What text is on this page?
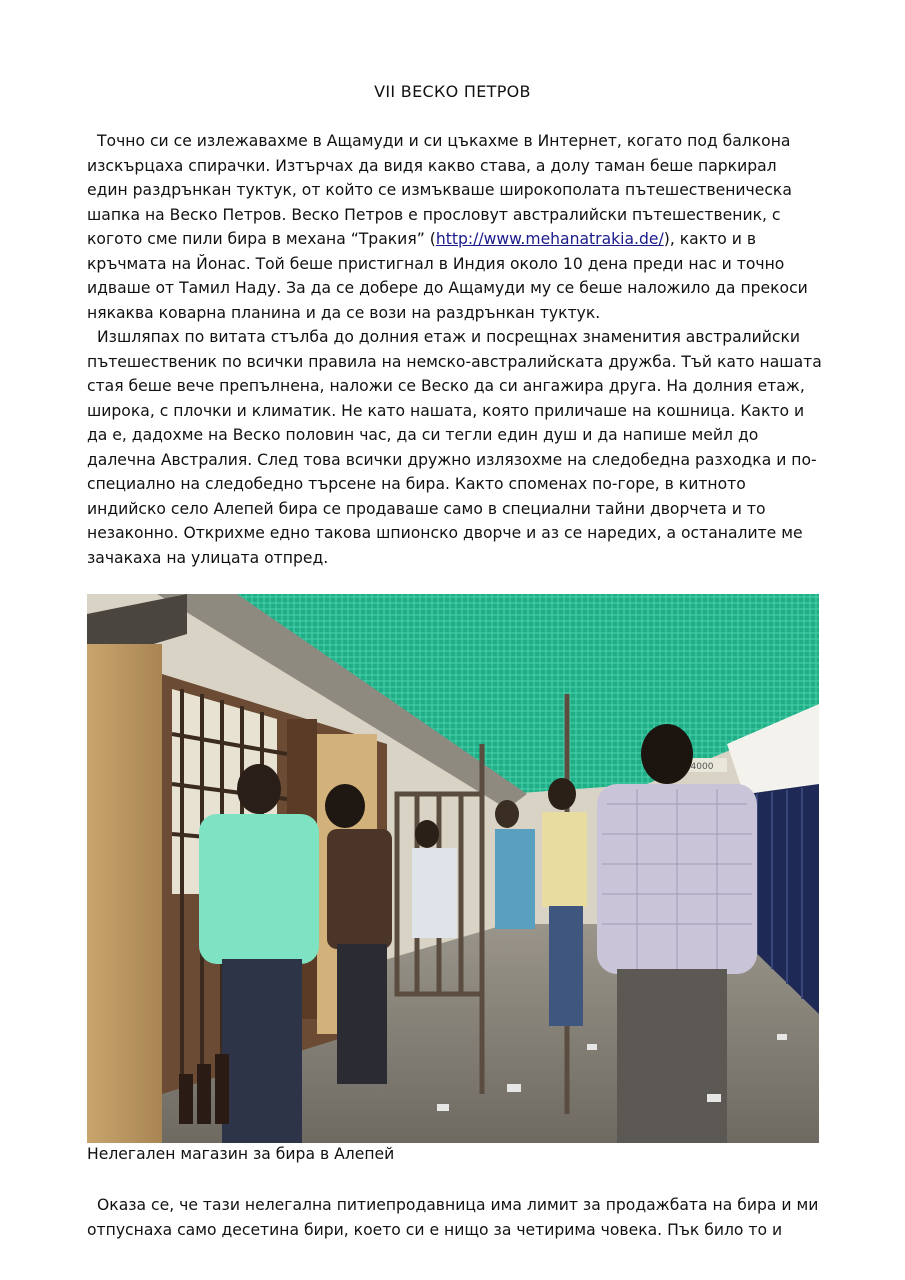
VII ВЕСКО ПЕТРОВ

Точно си се излежавахме в Ащамуди и си цъкахме в Интернет, когато под балкона изскърцаха спирачки. Изтърчах да видя какво става, а долу таман беше паркирал един раздрънкан туктук, от който се измъкваше широкополата пътешественическа шапка на Веско Петров. Веско Петров е прословут австралийски пътешественик, с когото сме пили бира в механа “Тракия” (http://www.mehanatrakia.de/), както и в кръчмата на Йонас. Той беше пристигнал в Индия около 10 дена преди нас и точно идваше от Тамил Наду. За да се добере до Ащамуди му се беше наложило да прекоси някаква коварна планина и да се вози на раздрънкан туктук.

Изшляпах по витата стълба до долния етаж и посрещнах знаменития австралийски пътешественик по всички правила на немско-австралийската дружба. Тъй като нашата стая беше вече препълнена, наложи се Веско да си ангажира друга. На долния етаж, широка, с плочки и климатик. Не като нашата, която приличаше на кошница. Както и да е, дадохме на Веско половин час, да си тегли един душ и да напише мейл до далечна Австралия. След това всички дружно излязохме на следобедна разходка и по-специално на следобедно търсене на бира. Както споменах по-горе, в китното индийско село Алепей бира се продаваше само в специални тайни дворчета и то незаконно. Открихме едно такова шпионско дворче и аз се наредих, а останалите ме зачакаха на улицата отпред.

4000
Нелегален магазин за бира в Алепей

Оказа се, че тази нелегална питиепродавница има лимит за продажбата на бира и ми отпуснаха само десетина бири, което си е нищо за четирима човека. Пък било то и
